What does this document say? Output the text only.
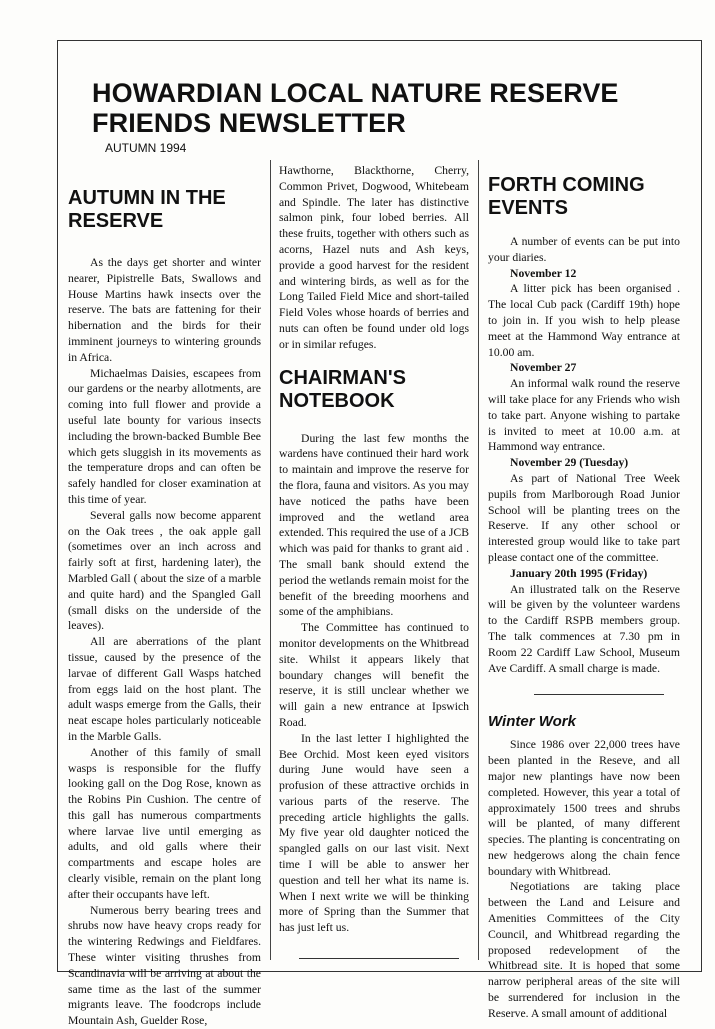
HOWARDIAN LOCAL NATURE RESERVE
FRIENDS NEWSLETTER
AUTUMN 1994
AUTUMN IN THE RESERVE

As the days get shorter and winter nearer, Pipistrelle Bats, Swallows and House Martins hawk insects over the reserve. The bats are fattening for their hibernation and the birds for their imminent journeys to wintering grounds in Africa.

Michaelmas Daisies, escapees from our gardens or the nearby allotments, are coming into full flower and provide a useful late bounty for various insects including the brown-backed Bumble Bee which gets sluggish in its movements as the temperature drops and can often be safely handled for closer examination at this time of year.

Several galls now become apparent on the Oak trees , the oak apple gall (sometimes over an inch across and fairly soft at first, hardening later), the Marbled Gall ( about the size of a marble and quite hard) and the Spangled Gall (small disks on the underside of the leaves).

All are aberrations of the plant tissue, caused by the presence of the larvae of different Gall Wasps hatched from eggs laid on the host plant. The adult wasps emerge from the Galls, their neat escape holes particularly noticeable in the Marble Galls.

Another of this family of small wasps is responsible for the fluffy looking gall on the Dog Rose, known as the Robins Pin Cushion. The centre of this gall has numerous compartments where larvae live until emerging as adults, and old galls where their compartments and escape holes are clearly visible, remain on the plant long after their occupants have left.

Numerous berry bearing trees and shrubs now have heavy crops ready for the wintering Redwings and Fieldfares. These winter visiting thrushes from Scandinavia will be arriving at about the same time as the last of the summer migrants leave. The foodcrops include Mountain Ash, Guelder Rose,

Hawthorne, Blackthorne, Cherry, Common Privet, Dogwood, Whitebeam and Spindle. The later has distinctive salmon pink, four lobed berries. All these fruits, together with others such as acorns, Hazel nuts and Ash keys, provide a good harvest for the resident and wintering birds, as well as for the Long Tailed Field Mice and short-tailed Field Voles whose hoards of berries and nuts can often be found under old logs or in similar refuges.

CHAIRMAN'S NOTEBOOK

During the last few months the wardens have continued their hard work to maintain and improve the reserve for the flora, fauna and visitors. As you may have noticed the paths have been improved and the wetland area extended. This required the use of a JCB which was paid for thanks to grant aid . The small bank should extend the period the wetlands remain moist for the benefit of the breeding moorhens and some of the amphibians.

The Committee has continued to monitor developments on the Whitbread site. Whilst it appears likely that boundary changes will benefit the reserve, it is still unclear whether we will gain a new entrance at Ipswich Road.

In the last letter I highlighted the Bee Orchid. Most keen eyed visitors during June would have seen a profusion of these attractive orchids in various parts of the reserve. The preceding article highlights the galls. My five year old daughter noticed the spangled galls on our last visit. Next time I will be able to answer her question and tell her what its name is. When I next write we will be thinking more of Spring than the Summer that has just left us.

FORTH COMING EVENTS

A number of events can be put into your diaries.

November 12

A litter pick has been organised . The local Cub pack (Cardiff 19th) hope to join in. If you wish to help please meet at the Hammond Way entrance at 10.00 am.

November 27

An informal walk round the reserve will take place for any Friends who wish to take part. Anyone wishing to partake is invited to meet at 10.00 a.m. at Hammond way entrance.

November 29 (Tuesday)

As part of National Tree Week pupils from Marlborough Road Junior School will be planting trees on the Reserve. If any other school or interested group would like to take part please contact one of the committee.

January 20th 1995 (Friday)

An illustrated talk on the Reserve will be given by the volunteer wardens to the Cardiff RSPB members group. The talk commences at 7.30 pm in Room 22 Cardiff Law School, Museum Ave Cardiff. A small charge is made.

Winter Work

Since 1986 over 22,000 trees have been planted in the Reseve, and all major new plantings have now been completed. However, this year a total of approximately 1500 trees and shrubs will be planted, of many different species. The planting is concentrating on new hedgerows along the chain fence boundary with Whitbread.

Negotiations are taking place between the Land and Leisure and Amenities Committees of the City Council, and Whitbread regarding the proposed redevelopment of the Whitbread site. It is hoped that some narrow peripheral areas of the site will be surrendered for inclusion in the Reserve. A small amount of additional
